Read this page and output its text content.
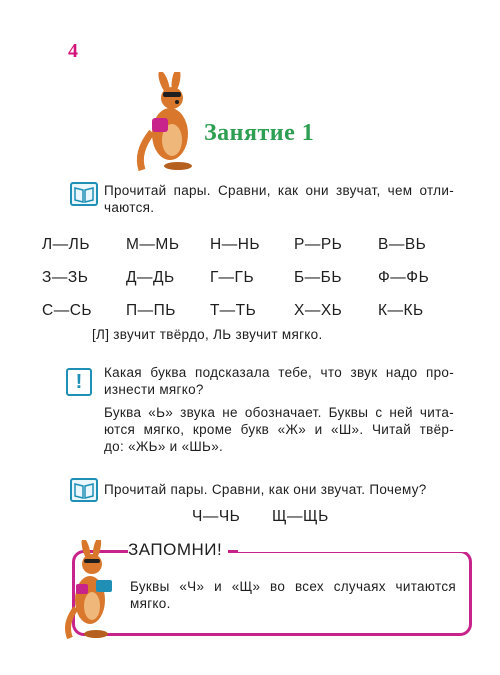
4
Занятие 1
Прочитай пары. Сравни, как они звучат, чем отли-
чаются.
Л—ЛЬ	М—МЬ	Н—НЬ	Р—РЬ	В—ВЬ
З—ЗЬ	Д—ДЬ	Г—ГЬ	Б—БЬ	Ф—ФЬ
С—СЬ	П—ПЬ	Т—ТЬ	Х—ХЬ	К—КЬ
[Л] звучит твёрдо, ЛЬ звучит мягко.
!	Какая буква подсказала тебе, что звук надо про-
изнести мягко?
Буква «Ь» звука не обозначает. Буквы с ней чита-
ются мягко, кроме букв «Ж» и «Ш». Читай твёр-
до: «ЖЬ» и «ШЬ».
Прочитай пары. Сравни, как они звучат. Почему?
Ч—ЧЬ Щ—ЩЬ
ЗАПОМНИ!
Буквы «Ч» и «Щ» во всех случаях читаются
мягко.
